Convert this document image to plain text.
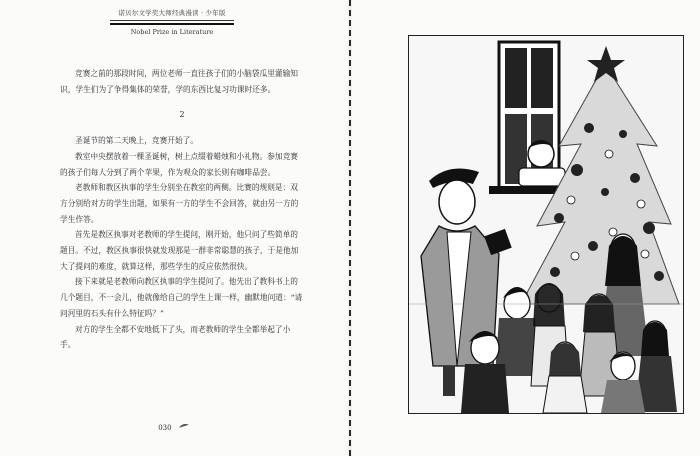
诺贝尔文学奖大师经典漫读 · 少年版
Nobel Prize in Literature

竞赛之前的那段时间，两位老师一直往孩子们的小脑袋瓜里灌输知识，学生们为了争得集体的荣誉，学的东西比复习功课时还多。

2

圣诞节的第二天晚上，竞赛开始了。

教室中央摆放着一棵圣诞树，树上点缀着蜡烛和小礼物。参加竞赛的孩子们每人分到了两个苹果，作为观众的家长则有咖啡品尝。

老教师和教区执事的学生分别坐在教室的两侧。比赛的规则是：双方分别给对方的学生出题，如果有一方的学生不会回答，就由另一方的学生作答。

首先是教区执事对老教师的学生提问，刚开始，他只问了些简单的题目。不过，教区执事很快就发现那是一群非常聪慧的孩子，于是他加大了提问的难度，就算这样，那些学生的反应依然很快。

接下来就是老教师向教区执事的学生提问了。他先出了教科书上的几个题目，不一会儿，他就像给自己的学生上课一样，幽默地问道：“请问河里的石头有什么特征吗？”

对方的学生全都不安地低下了头，而老教师的学生全都举起了小手。

030
